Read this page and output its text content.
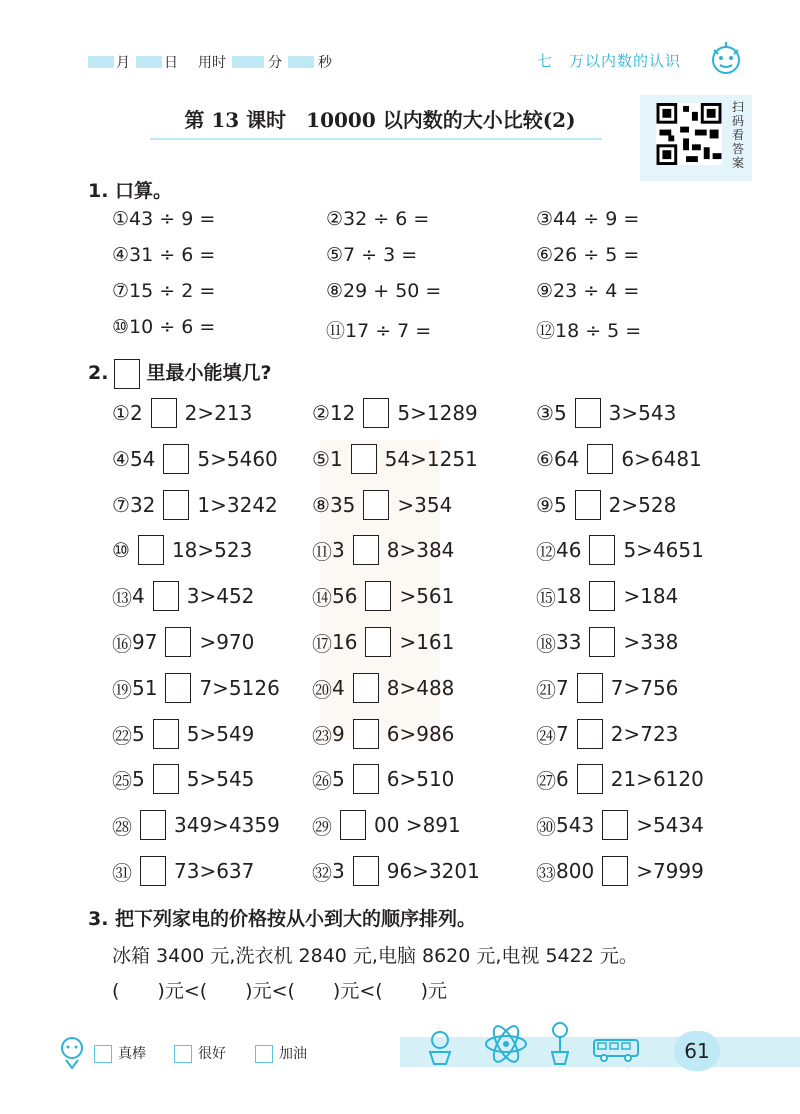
月 日 用时	分	秒	七　万以内数的认识
第 13 课时　10000 以内数的大小比较(2)
扫码看答案
1. 口算。
①43 ÷ 9 =	②32 ÷ 6 =	③44 ÷ 9 =
④31 ÷ 6 =	⑤7 ÷ 3 =	⑥26 ÷ 5 =
⑦15 ÷ 2 =	⑧29 + 50 =	⑨23 ÷ 4 =
⑩10 ÷ 6 =	⑪17 ÷ 7 =	⑫18 ÷ 5 =
2. 里最小能填几?
①2 2>213	②12 5>1289	③5 3>543
④54 5>5460 ⑤1 54>1251	⑥64 6>6481
⑦32 1>3242 ⑧35 >354	⑨5 2>528
⑩ 18>523	⑪3 8>384	⑫46 5>4651
⑬4 3>452	⑭56 >561	⑮18 >184
⑯97 >970	⑰16 >161	⑱33 >338
⑲51 7>5126 ⑳4 8>488	㉑7 7>756
㉒5 5>549	㉓9 6>986	㉔7 2>723
㉕5 5>545	㉖5 6>510	㉗6 21>6120
㉘ 349>4359 ㉙ 00 >891	㉚543 >5434
㉛ 73>637	㉜3 96>3201	㉝800 >7999
3. 把下列家电的价格按从小到大的顺序排列。
冰箱 3400 元,洗衣机 2840 元,电脑 8620 元,电视 5422 元。
(　　)元<(　　)元<(　　)元<(　　)元
真棒	很好	加油	61
